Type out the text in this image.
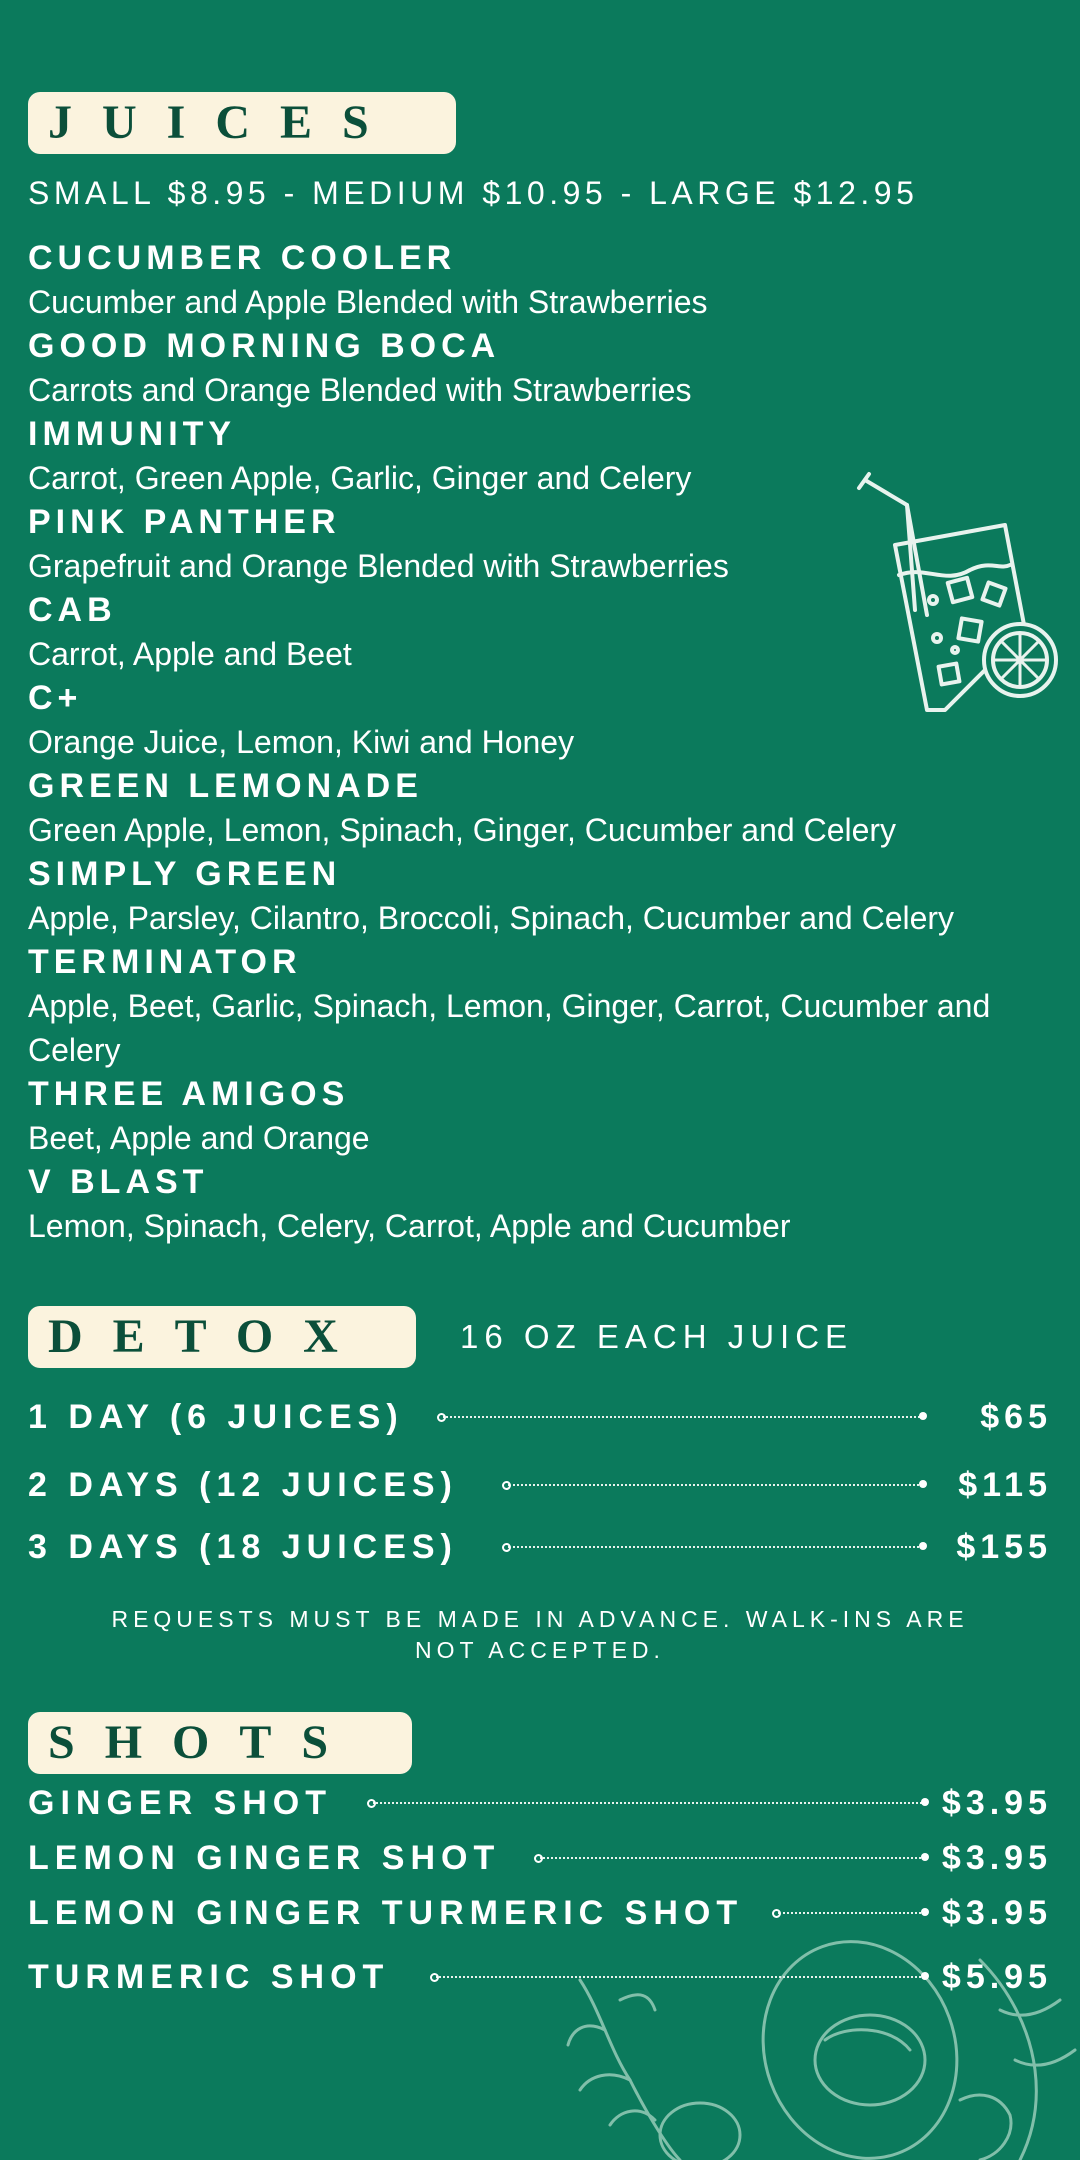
JUICES
SMALL $8.95 - MEDIUM $10.95 - LARGE $12.95
CUCUMBER COOLER
Cucumber and Apple Blended with Strawberries
GOOD MORNING BOCA
Carrots and Orange Blended with Strawberries
IMMUNITY
Carrot, Green Apple, Garlic, Ginger and Celery
PINK PANTHER
Grapefruit and Orange Blended with Strawberries
CAB
Carrot, Apple and Beet
C+
Orange Juice, Lemon, Kiwi and Honey
GREEN LEMONADE
Green Apple, Lemon, Spinach, Ginger, Cucumber and Celery
SIMPLY GREEN
Apple, Parsley, Cilantro, Broccoli, Spinach, Cucumber and Celery
TERMINATOR
Apple, Beet, Garlic, Spinach, Lemon, Ginger, Carrot, Cucumber and Celery
THREE AMIGOS
Beet, Apple and Orange
V BLAST
Lemon, Spinach, Celery, Carrot, Apple and Cucumber
DETOX	16 OZ EACH JUICE
1 DAY (6 JUICES)	$65
2 DAYS (12 JUICES)	$115
3 DAYS (18 JUICES)	$155
REQUESTS MUST BE MADE IN ADVANCE. WALK-INS ARE NOT ACCEPTED.
SHOTS
GINGER SHOT	$3.95
LEMON GINGER SHOT	$3.95
LEMON GINGER TURMERIC SHOT	$3.95
TURMERIC SHOT	$5.95
